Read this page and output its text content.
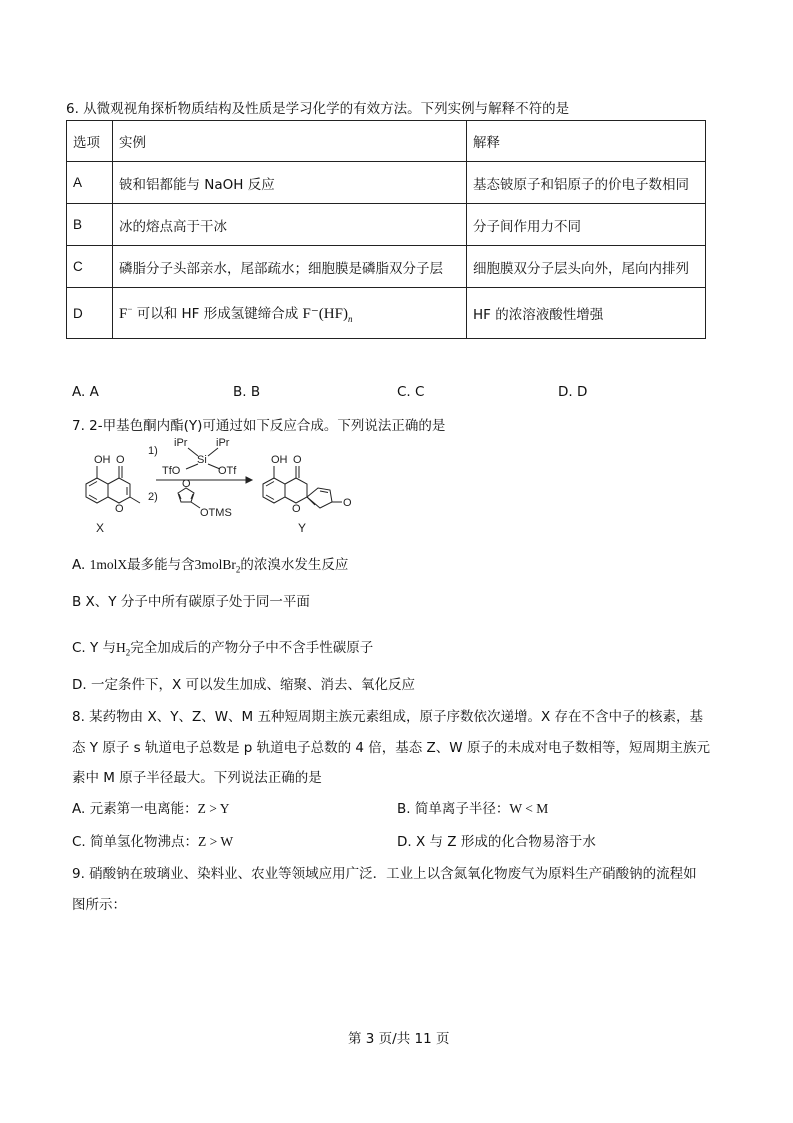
6. 从微观视角探析物质结构及性质是学习化学的有效方法。下列实例与解释不符的是
选项	实例	解释
A	铍和铝都能与 NaOH 反应	基态铍原子和铝原子的价电子数相同
B	冰的熔点高于干冰	分子间作用力不同
C	磷脂分子头部亲水，尾部疏水；细胞膜是磷脂双分子层	细胞膜双分子层头向外，尾向内排列
D	F− 可以和 HF 形成氢键缔合成 $F^-(HF)_n$	HF 的浓溶液酸性增强
A. A	B. B	C. C	D. D
7. 2-甲基色酮内酯(Y)可通过如下反应合成。下列说法正确的是
OH O
O
X
1)
iPr	iPr
Si
TfO	OTf
2)
O
OTMS
OH O
O	O
Y
A. 1molX最多能与含3molBr$_2$的浓溴水发生反应
B X、Y 分子中所有碳原子处于同一平面
C. Y 与$H_2$完全加成后的产物分子中不含手性碳原子
D. 一定条件下，X 可以发生加成、缩聚、消去、氧化反应
8. 某药物由 X、Y、Z、W、M 五种短周期主族元素组成，原子序数依次递增。X 存在不含中子的核素，基
态 Y 原子 s 轨道电子总数是 p 轨道电子总数的 4 倍，基态 Z、W 原子的未成对电子数相等，短周期主族元
素中 M 原子半径最大。下列说法正确的是
A. 元素第一电离能：Z > Y	B. 简单离子半径：W < M
C. 简单氢化物沸点：Z > W	D. X 与 Z 形成的化合物易溶于水
9. 硝酸钠在玻璃业、染料业、农业等领域应用广泛．工业上以含氮氧化物废气为原料生产硝酸钠的流程如
图所示：
第 3 页/共 11 页
